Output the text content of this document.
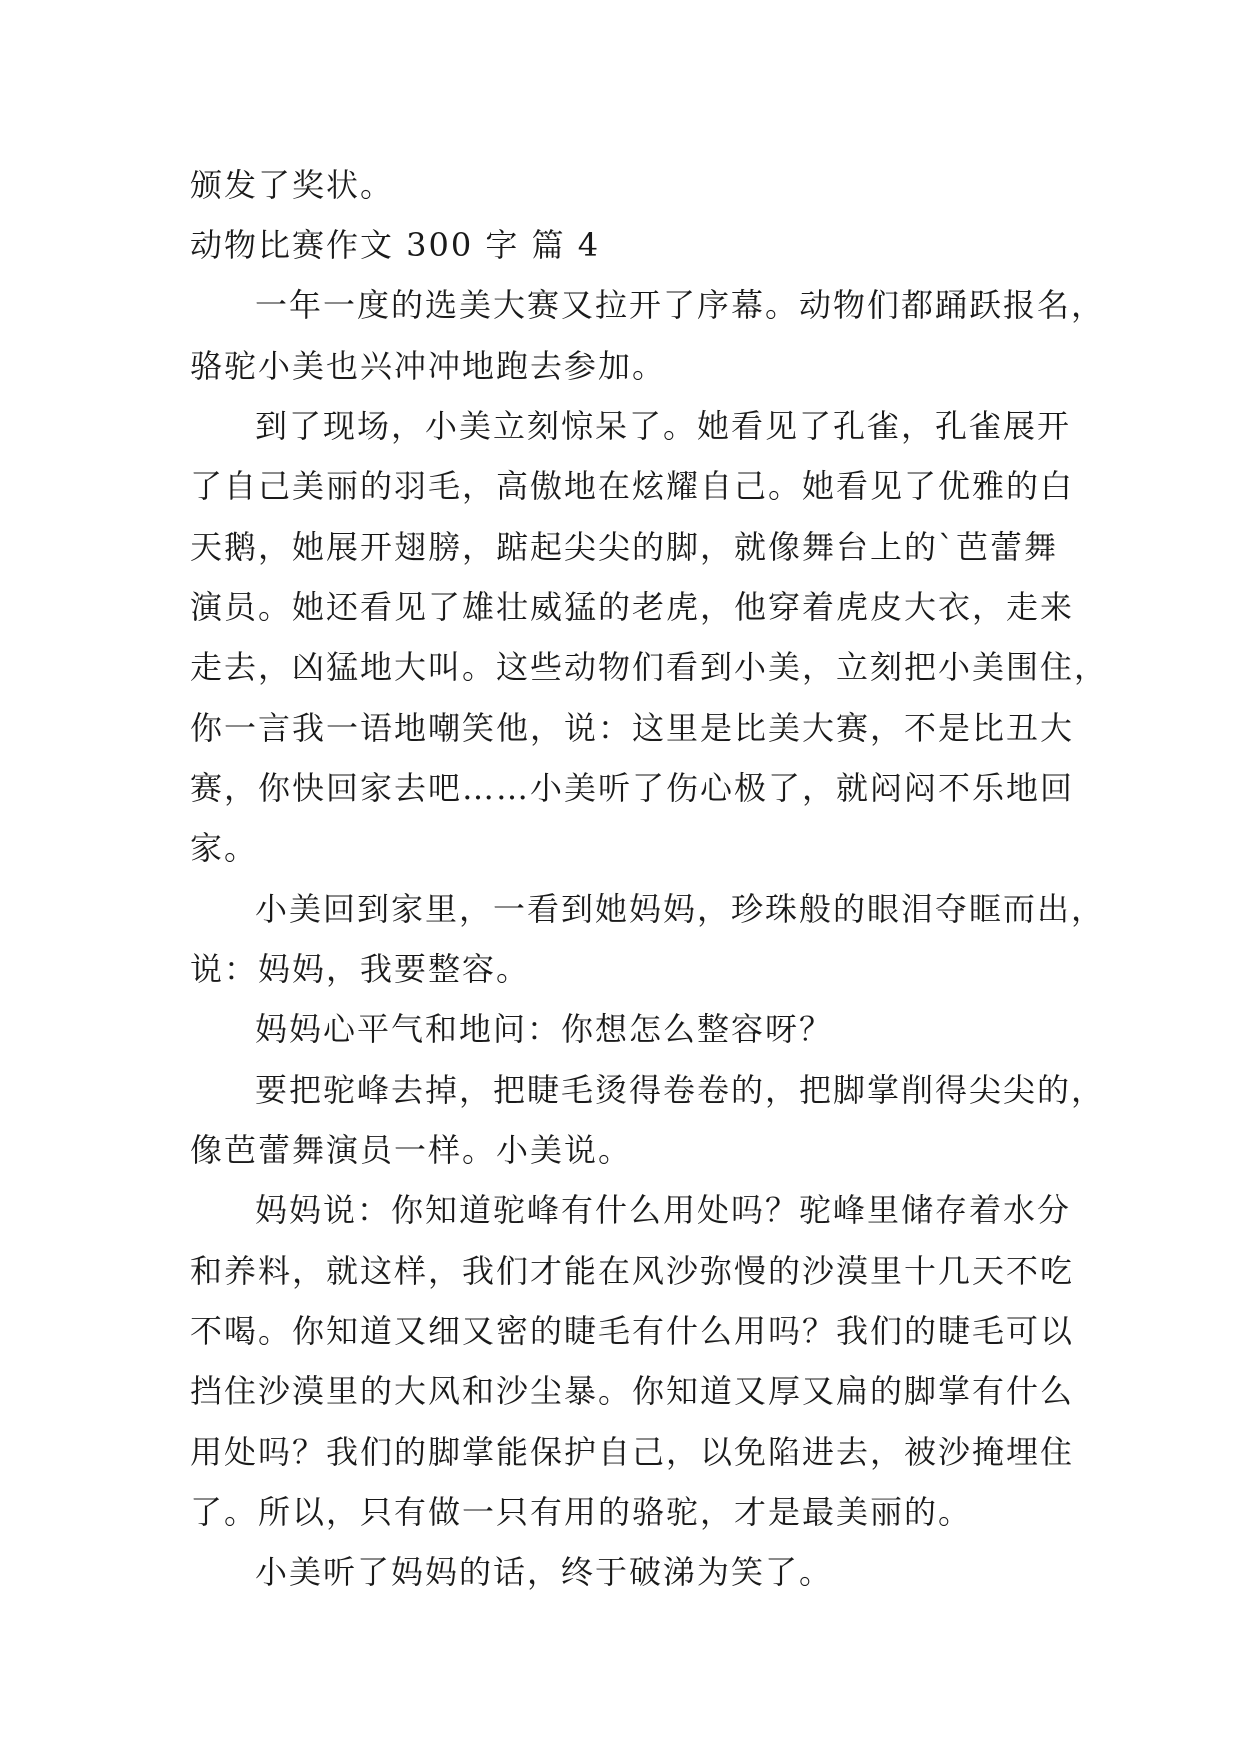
颁发了奖状。
动物比赛作文 300 字 篇 4
一年一度的选美大赛又拉开了序幕。动物们都踊跃报名，
骆驼小美也兴冲冲地跑去参加。
到了现场，小美立刻惊呆了。她看见了孔雀，孔雀展开
了自己美丽的羽毛，高傲地在炫耀自己。她看见了优雅的白
天鹅，她展开翅膀，踮起尖尖的脚，就像舞台上的`芭蕾舞
演员。她还看见了雄壮威猛的老虎，他穿着虎皮大衣，走来
走去，凶猛地大叫。这些动物们看到小美，立刻把小美围住，
你一言我一语地嘲笑他，说：这里是比美大赛，不是比丑大
赛，你快回家去吧……小美听了伤心极了，就闷闷不乐地回
家。
小美回到家里，一看到她妈妈，珍珠般的眼泪夺眶而出，
说：妈妈，我要整容。
妈妈心平气和地问：你想怎么整容呀？
要把驼峰去掉，把睫毛烫得卷卷的，把脚掌削得尖尖的，
像芭蕾舞演员一样。小美说。
妈妈说：你知道驼峰有什么用处吗？驼峰里储存着水分
和养料，就这样，我们才能在风沙弥慢的沙漠里十几天不吃
不喝。你知道又细又密的睫毛有什么用吗？我们的睫毛可以
挡住沙漠里的大风和沙尘暴。你知道又厚又扁的脚掌有什么
用处吗？我们的脚掌能保护自己，以免陷进去，被沙掩埋住
了。所以，只有做一只有用的骆驼，才是最美丽的。
小美听了妈妈的话，终于破涕为笑了。
